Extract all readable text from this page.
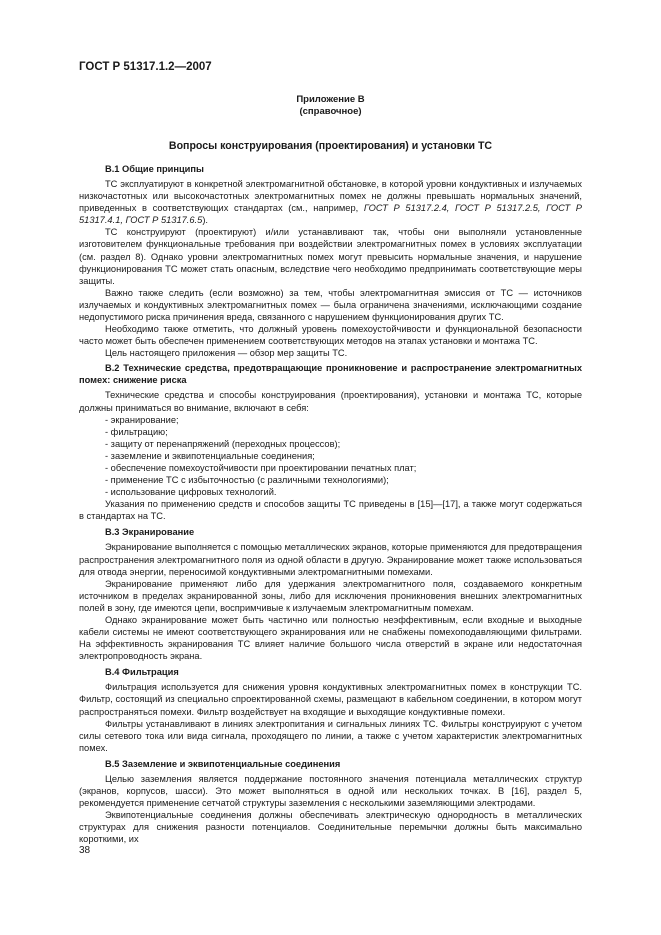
ГОСТ Р 51317.1.2—2007
Приложение В
(справочное)
Вопросы конструирования (проектирования) и установки ТС
В.1 Общие принципы

ТС эксплуатируют в конкретной электромагнитной обстановке, в которой уровни кондуктивных и излучаемых низкочастотных или высокочастотных электромагнитных помех не должны превышать нормальных значений, приведенных в соответствующих стандартах (см., например, ГОСТ Р 51317.2.4, ГОСТ Р 51317.2.5, ГОСТ Р 51317.4.1, ГОСТ Р 51317.6.5).

ТС конструируют (проектируют) и/или устанавливают так, чтобы они выполняли установленные изготовителем функциональные требования при воздействии электромагнитных помех в условиях эксплуатации (см. раздел 8). Однако уровни электромагнитных помех могут превысить нормальные значения, и нарушение функционирования ТС может стать опасным, вследствие чего необходимо предпринимать соответствующие меры защиты.

Важно также следить (если возможно) за тем, чтобы электромагнитная эмиссия от ТС — источников излучаемых и кондуктивных электромагнитных помех — была ограничена значениями, исключающими создание недопустимого риска причинения вреда, связанного с нарушением функционирования других ТС.

Необходимо также отметить, что должный уровень помехоустойчивости и функциональной безопасности часто может быть обеспечен применением соответствующих методов на этапах установки и монтажа ТС.

Цель настоящего приложения — обзор мер защиты ТС.

В.2 Технические средства, предотвращающие проникновение и распространение электромагнитных помех: снижение риска

Технические средства и способы конструирования (проектирования), установки и монтажа ТС, которые должны приниматься во внимание, включают в себя:

- экранирование;
- фильтрацию;
- защиту от перенапряжений (переходных процессов);
- заземление и эквипотенциальные соединения;
- обеспечение помехоустойчивости при проектировании печатных плат;
- применение ТС с избыточностью (с различными технологиями);
- использование цифровых технологий.

Указания по применению средств и способов защиты ТС приведены в [15]—[17], а также могут содержаться в стандартах на ТС.

В.3 Экранирование

Экранирование выполняется с помощью металлических экранов, которые применяются для предотвращения распространения электромагнитного поля из одной области в другую. Экранирование может также использоваться для отвода энергии, переносимой кондуктивными электромагнитными помехами.

Экранирование применяют либо для удержания электромагнитного поля, создаваемого конкретным источником в пределах экранированной зоны, либо для исключения проникновения внешних электромагнитных полей в зону, где имеются цепи, воспримчивые к излучаемым электромагнитным помехам.

Однако экранирование может быть частично или полностью неэффективным, если входные и выходные кабели системы не имеют соответствующего экранирования или не снабжены помехоподавляющими фильтрами. На эффективность экранирования ТС влияет наличие большого числа отверстий в экране или недостаточная электропроводность экрана.

В.4 Фильтрация

Фильтрация используется для снижения уровня кондуктивных электромагнитных помех в конструкции ТС. Фильтр, состоящий из специально спроектированной схемы, размещают в кабельном соединении, в котором могут распространяться помехи. Фильтр воздействует на входящие и выходящие кондуктивные помехи.

Фильтры устанавливают в линиях электропитания и сигнальных линиях ТС. Фильтры конструируют с учетом силы сетевого тока или вида сигнала, проходящего по линии, а также с учетом характеристик электромагнитных помех.

В.5 Заземление и эквипотенциальные соединения

Целью заземления является поддержание постоянного значения потенциала металлических структур (экранов, корпусов, шасси). Это может выполняться в одной или нескольких точках. В [16], раздел 5, рекомендуется применение сетчатой структуры заземления с несколькими заземляющими электродами.

Эквипотенциальные соединения должны обеспечивать электрическую однородность в металлических структурах для снижения разности потенциалов. Соединительные перемычки должны быть максимально короткими, их

38
